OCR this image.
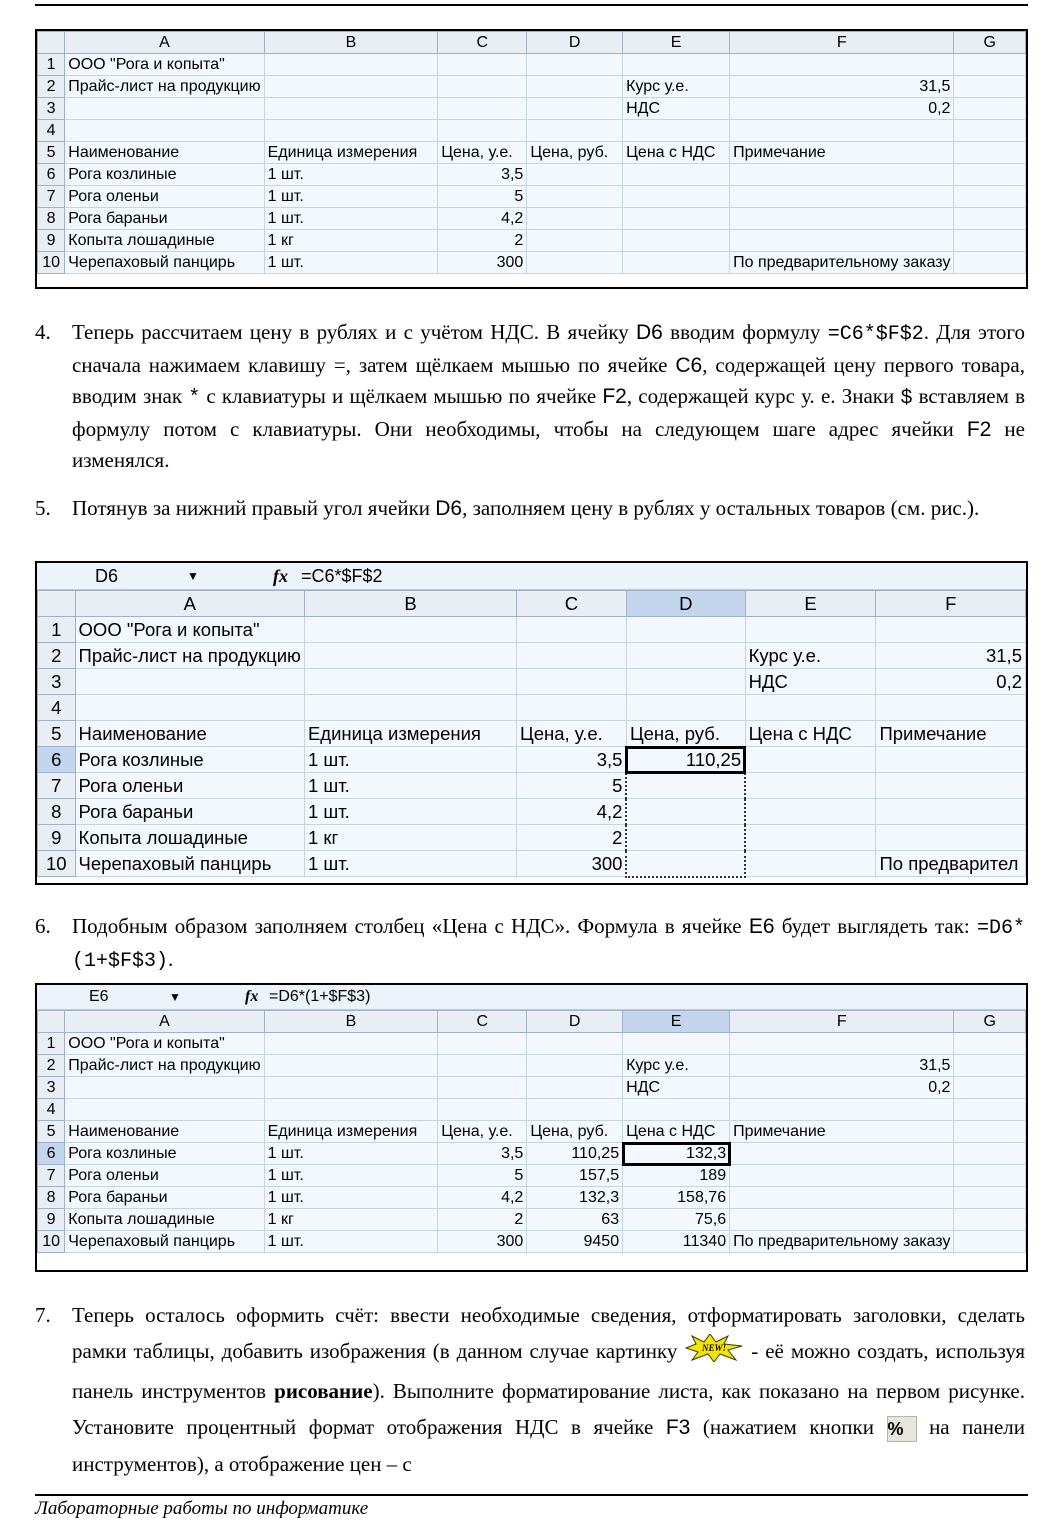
	A	B	C	D	E	F	G
1	ООО "Рога и копыта"						
2	Прайс-лист на продукцию				Курс у.е.	31,5	
3					НДС	0,2	
4							
5	Наименование	Единица измерения	Цена, у.е.	Цена, руб.	Цена с НДС	Примечание	
6	Рога козлиные	1 шт.	3,5				
7	Рога оленьи	1 шт.	5				
8	Рога бараньи	1 шт.	4,2				
9	Копыта лошадиные	1 кг	2				
10	Черепаховый панцирь	1 шт.	300			По предварительному заказу	
4. Теперь рассчитаем цену в рублях и с учётом НДС. В ячейку D6 вводим формулу =C6*$F$2. Для этого сначала нажимаем клавишу =, затем щёлкаем мышью по ячейке C6, содержащей цену первого товара, вводим знак * с клавиатуры и щёлкаем мышью по ячейке F2, содержащей курс у. е. Знаки $ вставляем в формулу потом с клавиатуры. Они необходимы, чтобы на следующем шаге адрес ячейки F2 не изменялся.
5. Потянув за нижний правый угол ячейки D6, заполняем цену в рублях у остальных товаров (см. рис.).
D6	▼	fx =C6*$F$2
	A	B	C	D	E	F
1	ООО "Рога и копыта"					
2	Прайс-лист на продукцию				Курс у.е.	31,5
3					НДС	0,2
4						
5	Наименование	Единица измерения	Цена, у.е.	Цена, руб.	Цена с НДС	Примечание
6	Рога козлиные	1 шт.	3,5	110,25		
7	Рога оленьи	1 шт.	5			
8	Рога бараньи	1 шт.	4,2			
9	Копыта лошадиные	1 кг	2			
10	Черепаховый панцирь	1 шт.	300			По предварител
6. Подобным образом заполняем столбец «Цена с НДС». Формула в ячейке E6 будет выглядеть так: =D6*(1+$F$3).
E6	▼	fx =D6*(1+$F$3)
	A	B	C	D	E	F	G
1	ООО "Рога и копыта"						
2	Прайс-лист на продукцию				Курс у.е.	31,5	
3					НДС	0,2	
4							
5	Наименование	Единица измерения	Цена, у.е.	Цена, руб.	Цена с НДС	Примечание	
6	Рога козлиные	1 шт.	3,5	110,25	132,3		
7	Рога оленьи	1 шт.	5	157,5	189		
8	Рога бараньи	1 шт.	4,2	132,3	158,76		
9	Копыта лошадиные	1 кг	2	63	75,6		
10	Черепаховый панцирь	1 шт.	300	9450	11340	По предварительному заказу	
7. Теперь осталось оформить счёт: ввести необходимые сведения, отформатировать заголовки, сделать рамки таблицы, добавить изображения (в данном случае картинку	NEW! - её можно создать, используя панель инструментов рисование). Выполните форматирование листа, как показано на первом рисунке. Установите процентный формат отображения НДС в ячейке F3 (нажатием кнопки % на панели инструментов), а отображение цен – с
Лабораторные работы по информатике
